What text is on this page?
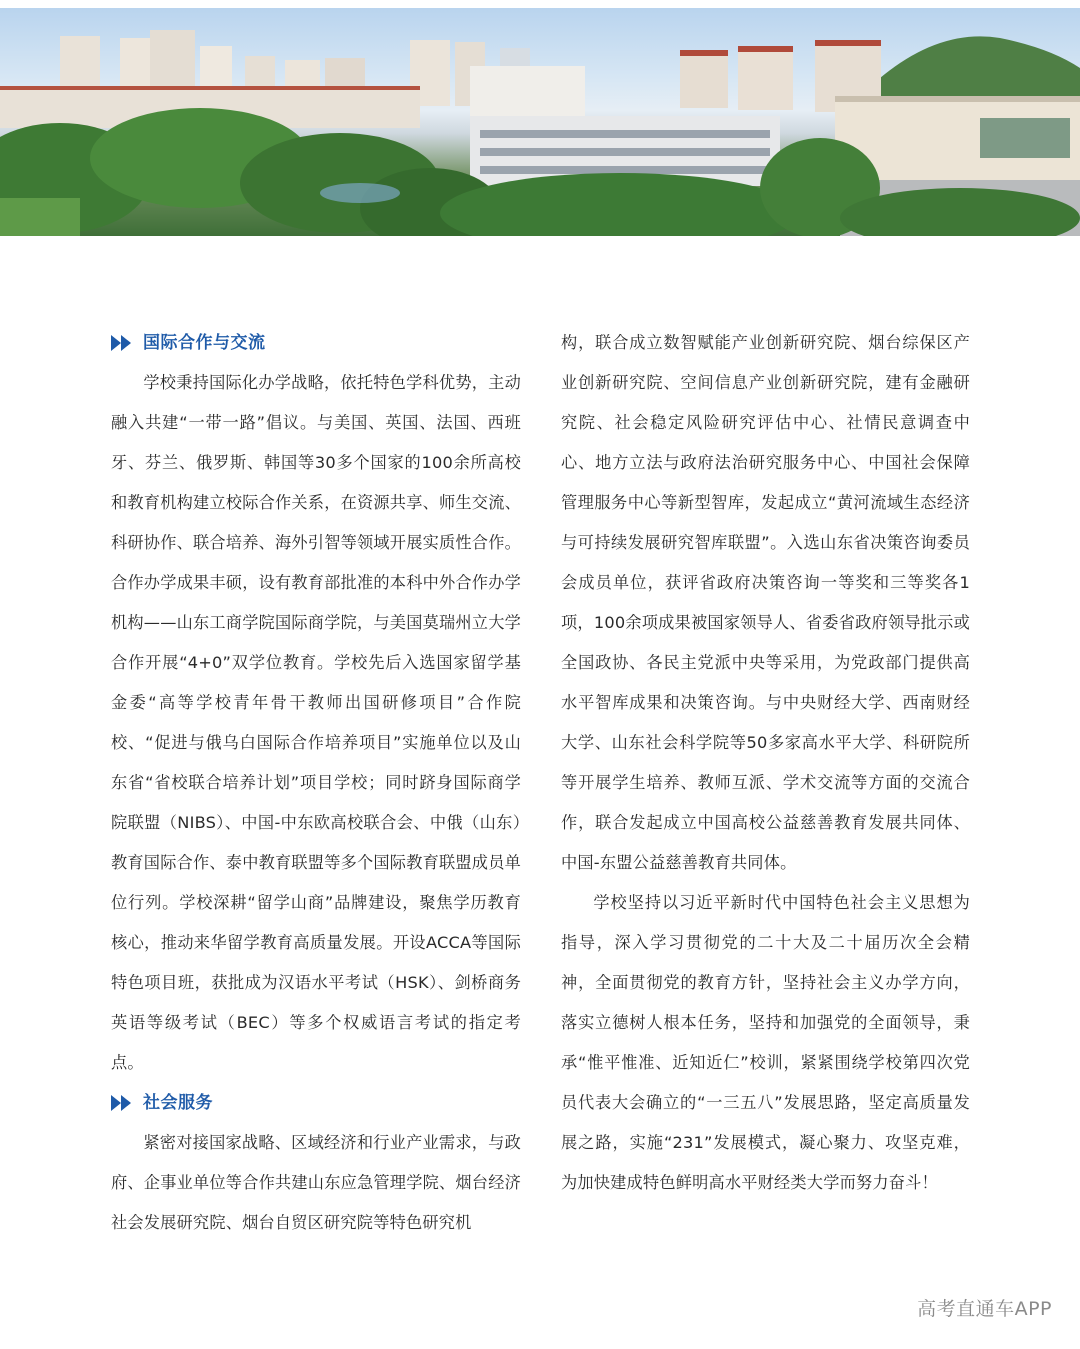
国际合作与交流

学校秉持国际化办学战略，依托特色学科优势，主动融入共建“一带一路”倡议。与美国、英国、法国、西班牙、芬兰、俄罗斯、韩国等30多个国家的100余所高校和教育机构建立校际合作关系，在资源共享、师生交流、科研协作、联合培养、海外引智等领域开展实质性合作。合作办学成果丰硕，设有教育部批准的本科中外合作办学机构——山东工商学院国际商学院，与美国莫瑞州立大学合作开展“4+0”双学位教育。学校先后入选国家留学基金委“高等学校青年骨干教师出国研修项目”合作院校、“促进与俄乌白国际合作培养项目”实施单位以及山东省“省校联合培养计划”项目学校；同时跻身国际商学院联盟（NIBS）、中国-中东欧高校联合会、中俄（山东）教育国际合作、泰中教育联盟等多个国际教育联盟成员单位行列。学校深耕“留学山商”品牌建设，聚焦学历教育核心，推动来华留学教育高质量发展。开设ACCA等国际特色项目班，获批成为汉语水平考试（HSK）、剑桥商务英语等级考试（BEC）等多个权威语言考试的指定考点。

社会服务

紧密对接国家战略、区域经济和行业产业需求，与政府、企事业单位等合作共建山东应急管理学院、烟台经济社会发展研究院、烟台自贸区研究院等特色研究机

构，联合成立数智赋能产业创新研究院、烟台综保区产业创新研究院、空间信息产业创新研究院，建有金融研究院、社会稳定风险研究评估中心、社情民意调查中心、地方立法与政府法治研究服务中心、中国社会保障管理服务中心等新型智库，发起成立“黄河流域生态经济与可持续发展研究智库联盟”。入选山东省决策咨询委员会成员单位，获评省政府决策咨询一等奖和三等奖各1项，100余项成果被国家领导人、省委省政府领导批示或全国政协、各民主党派中央等采用，为党政部门提供高水平智库成果和决策咨询。与中央财经大学、西南财经大学、山东社会科学院等50多家高水平大学、科研院所等开展学生培养、教师互派、学术交流等方面的交流合作，联合发起成立中国高校公益慈善教育发展共同体、中国-东盟公益慈善教育共同体。

学校坚持以习近平新时代中国特色社会主义思想为指导，深入学习贯彻党的二十大及二十届历次全会精神，全面贯彻党的教育方针，坚持社会主义办学方向，落实立德树人根本任务，坚持和加强党的全面领导，秉承“惟平惟准、近知近仁”校训，紧紧围绕学校第四次党员代表大会确立的“一三五八”发展思路，坚定高质量发展之路，实施“231”发展模式，凝心聚力、攻坚克难，为加快建成特色鲜明高水平财经类大学而努力奋斗！

高考直通车APP
